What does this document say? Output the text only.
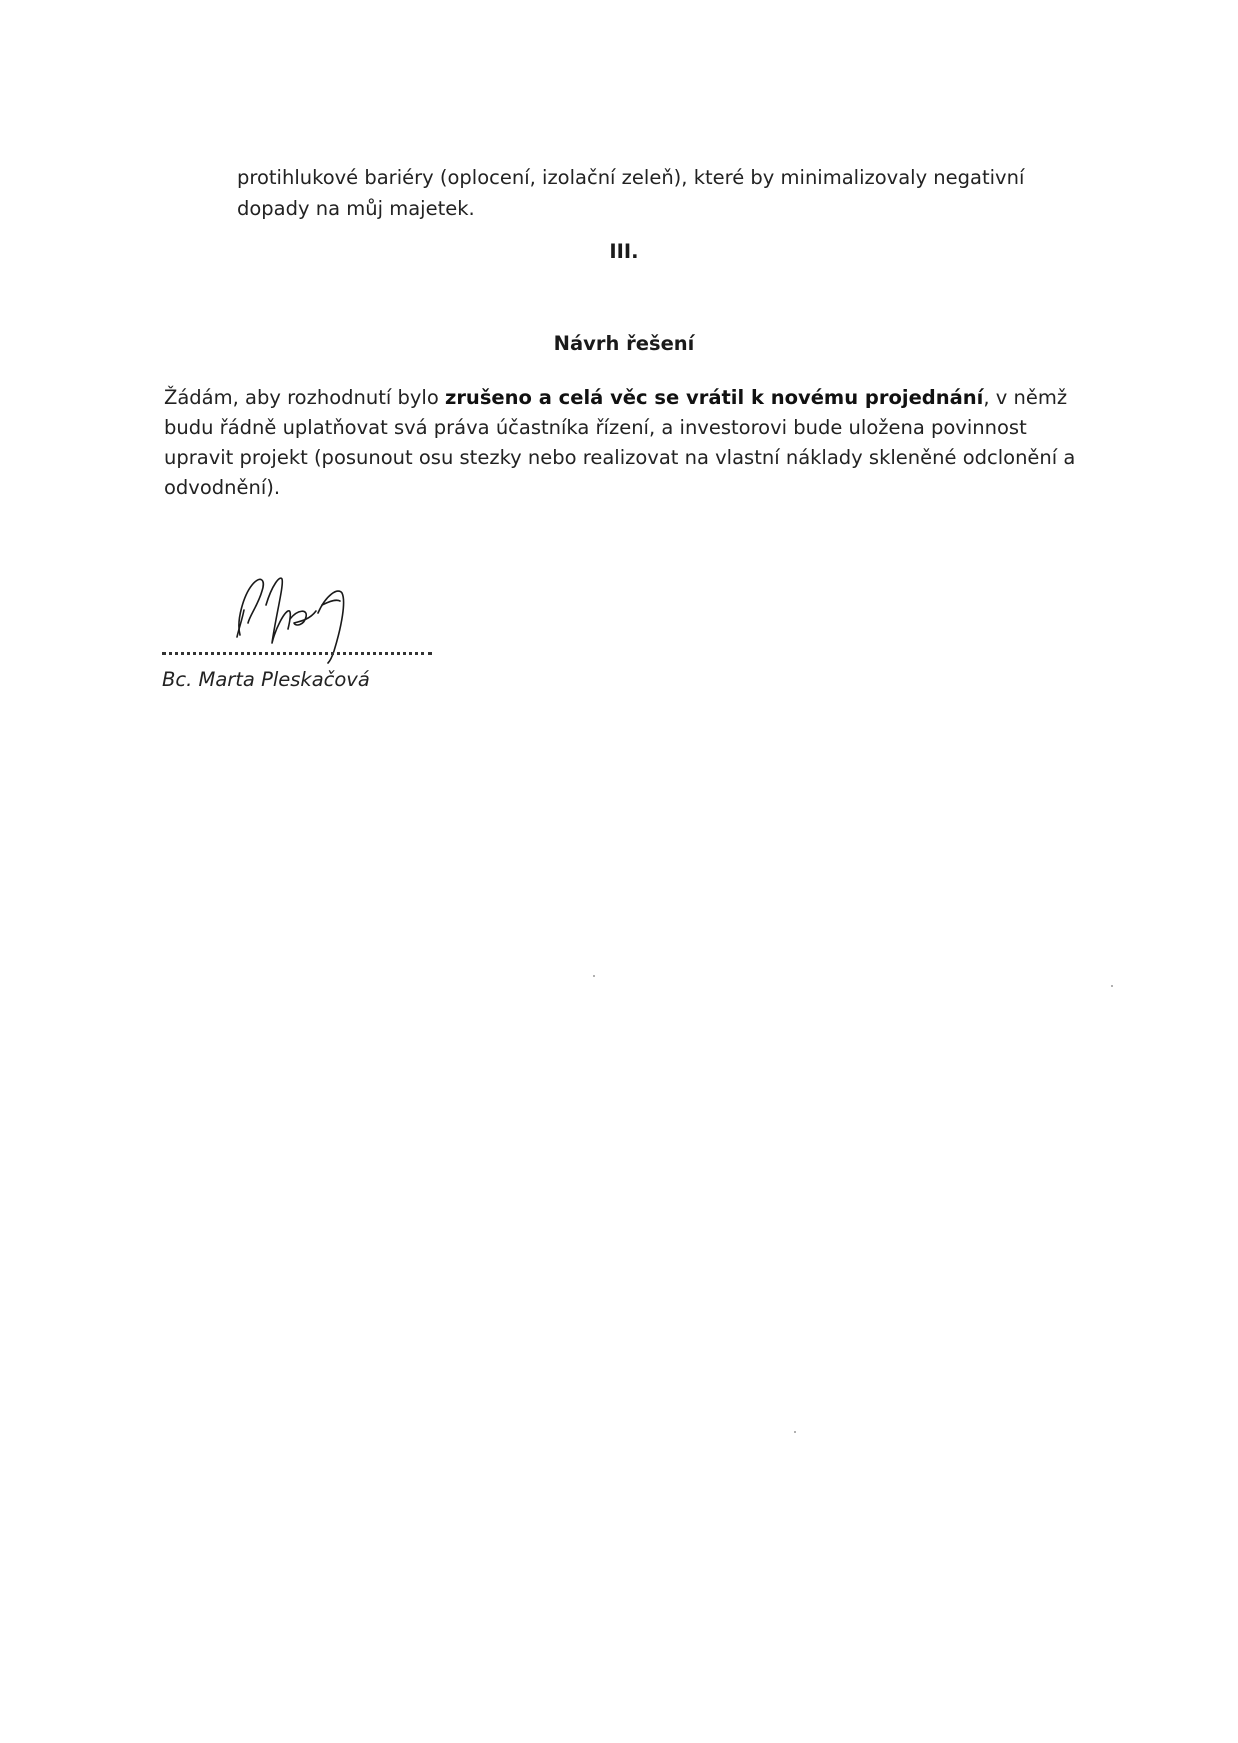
protihlukové bariéry (oplocení, izolační zeleň), které by minimalizovaly negativní dopady na můj majetek.

III.
Návrh řešení

Žádám, aby rozhodnutí bylo zrušeno a celá věc se vrátil k novému projednání, v němž budu řádně uplatňovat svá práva účastníka řízení, a investorovi bude uložena povinnost upravit projekt (posunout osu stezky nebo realizovat na vlastní náklady skleněné odclonění a odvodnění).

Bc. Marta Pleskačová
